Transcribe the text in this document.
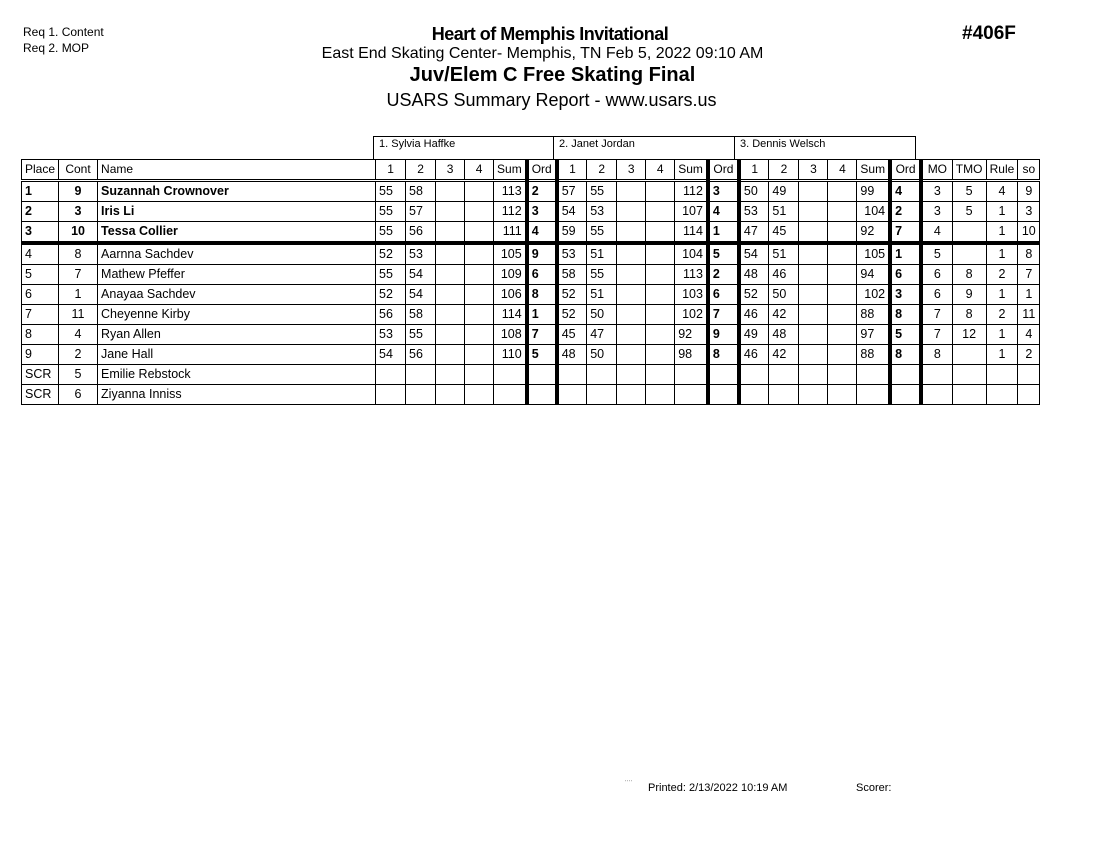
Req 1. Content
Req 2. MOP
Heart of Memphis Invitational
East End Skating Center- Memphis, TN Feb 5, 2022 09:10 AM
Juv/Elem C Free Skating Final
USARS Summary Report - www.usars.us
#406F
1. Sylvia Haffke	2. Janet Jordan	3. Dennis Welsch
Place	Cont	Name	1	2	3	4	Sum	Ord	1	2	3	4	Sum	Ord	1	2	3	4	Sum	Ord	MO	TMO	Rule	so
1	9	Suzannah Crownover	55	58			113	2	57	55			112	3	50	49			99	4	3	5	4	9
2	3	Iris Li	55	57			112	3	54	53			107	4	53	51			104	2	3	5	1	3
3	10	Tessa Collier	55	56			111	4	59	55			114	1	47	45			92	7	4		1	10
4	8	Aarnna Sachdev	52	53			105	9	53	51			104	5	54	51			105	1	5		1	8
5	7	Mathew Pfeffer	55	54			109	6	58	55			113	2	48	46			94	6	6	8	2	7
6	1	Anayaa Sachdev	52	54			106	8	52	51			103	6	52	50			102	3	6	9	1	1
7	11	Cheyenne Kirby	56	58			114	1	52	50			102	7	46	42			88	8	7	8	2	11
8	4	Ryan Allen	53	55			108	7	45	47			92	9	49	48			97	5	7	12	1	4
9	2	Jane Hall	54	56			110	5	48	50			98	8	46	42			88	8	8		1	2
SCR	5	Emilie Rebstock																						
SCR	6	Ziyanna Inniss																						
˙˙˙˙ Printed: 2/13/2022 10:19 AM	Scorer:
